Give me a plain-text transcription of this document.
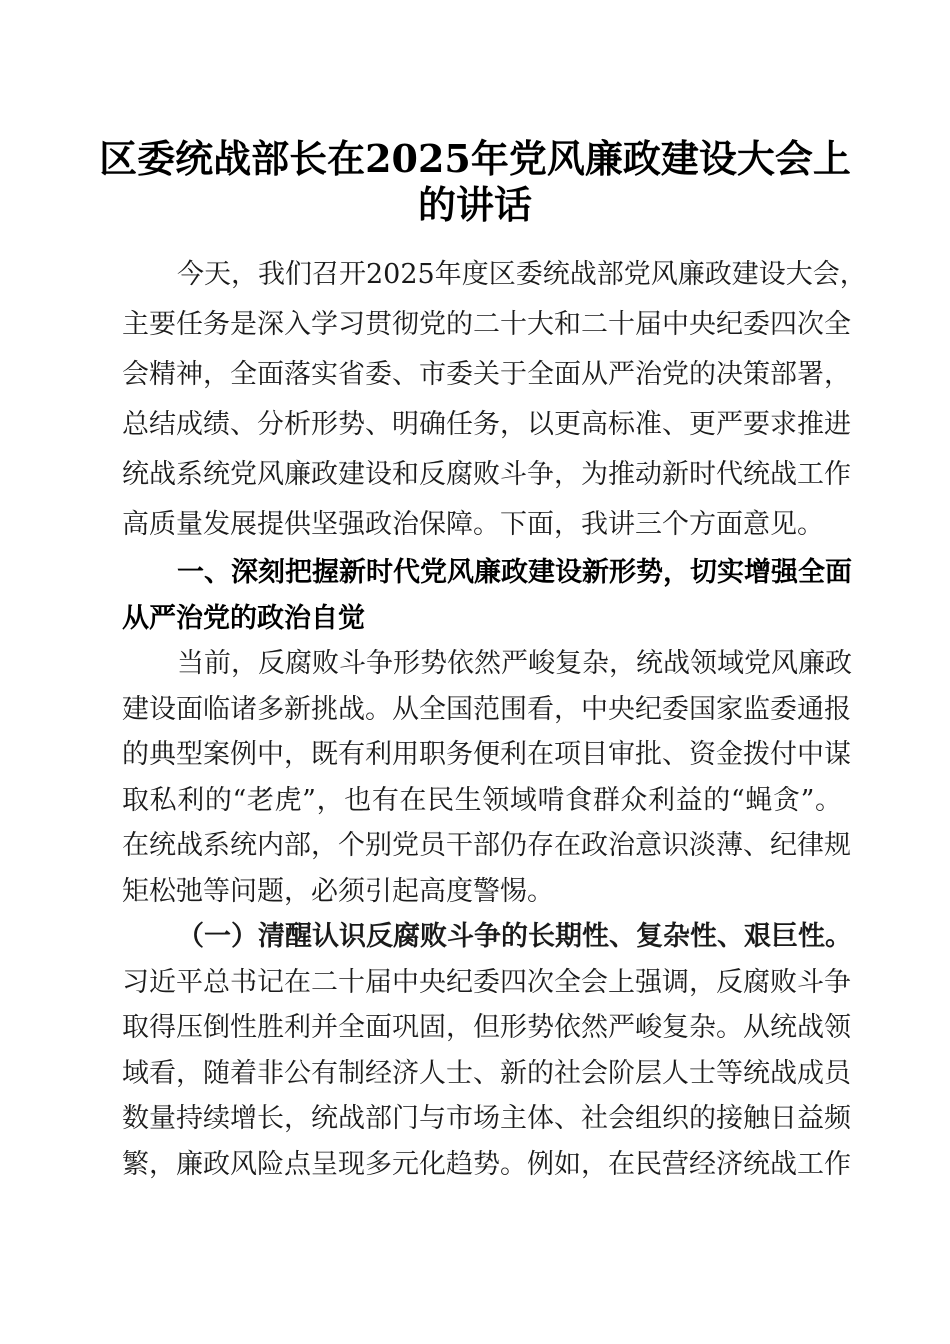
区委统战部长在2025年党风廉政建设大会上
的讲话
今天，我们召开2025年度区委统战部党风廉政建设大会，
主要任务是深入学习贯彻党的二十大和二十届中央纪委四次全
会精神，全面落实省委、市委关于全面从严治党的决策部署，
总结成绩、分析形势、明确任务，以更高标准、更严要求推进
统战系统党风廉政建设和反腐败斗争，为推动新时代统战工作
高质量发展提供坚强政治保障。下面，我讲三个方面意见。
一、深刻把握新时代党风廉政建设新形势，切实增强全面
从严治党的政治自觉
当前，反腐败斗争形势依然严峻复杂，统战领域党风廉政
建设面临诸多新挑战。从全国范围看，中央纪委国家监委通报
的典型案例中，既有利用职务便利在项目审批、资金拨付中谋
取私利的“老虎”，也有在民生领域啃食群众利益的“蝇贪”。
在统战系统内部，个别党员干部仍存在政治意识淡薄、纪律规
矩松弛等问题，必须引起高度警惕。
（一）清醒认识反腐败斗争的长期性、复杂性、艰巨性。
习近平总书记在二十届中央纪委四次全会上强调，反腐败斗争
取得压倒性胜利并全面巩固，但形势依然严峻复杂。从统战领
域看，随着非公有制经济人士、新的社会阶层人士等统战成员
数量持续增长，统战部门与市场主体、社会组织的接触日益频
繁，廉政风险点呈现多元化趋势。例如，在民营经济统战工作
